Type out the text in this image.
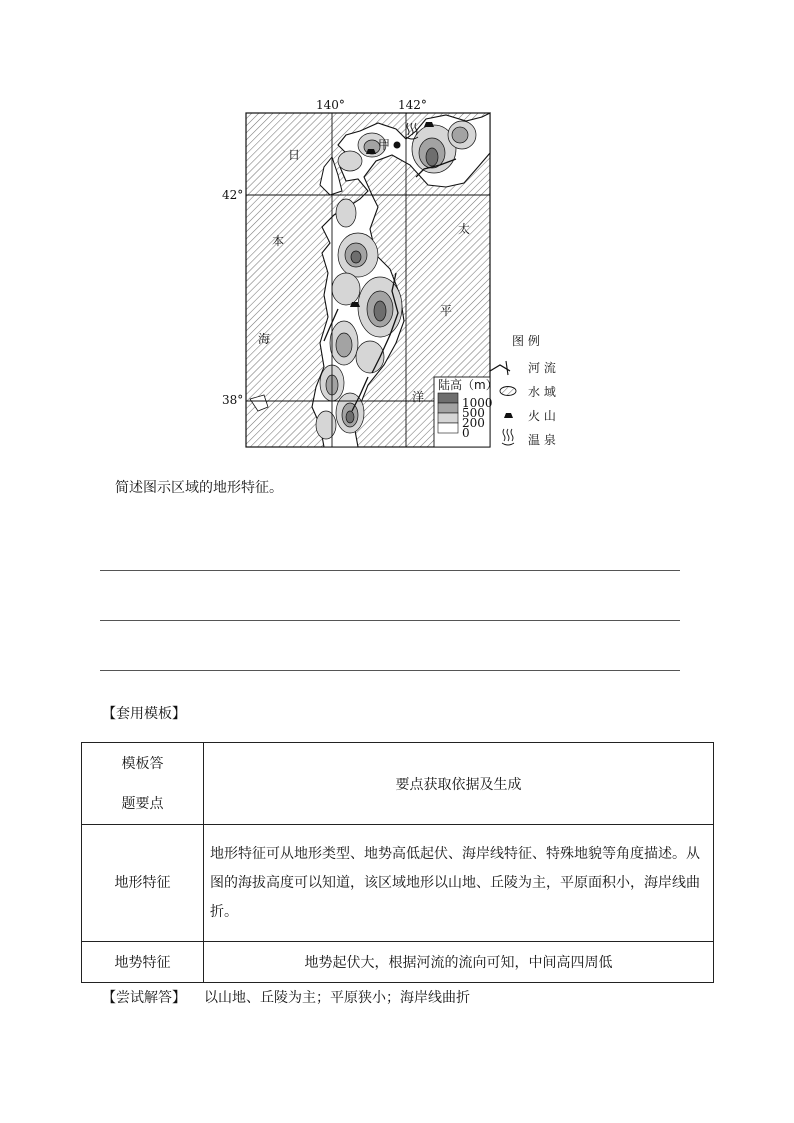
140°	142°
42°
38°
日
本
海
太
平
洋
甲
陆高（m）
1000
500
200
0
图 例
河 流
水 域
火 山
温 泉
简述图示区域的地形特征。
【套用模板】
模板答
题要点	要点获取依据及生成
地形特征	地形特征可从地形类型、地势高低起伏、海岸线特征、特殊地貌等角度描述。从图的海拔高度可以知道，该区域地形以山地、丘陵为主，平原面积小，海岸线曲折。
地势特征	地势起伏大，根据河流的流向可知，中间高四周低
【尝试解答】 以山地、丘陵为主；平原狭小；海岸线曲折
